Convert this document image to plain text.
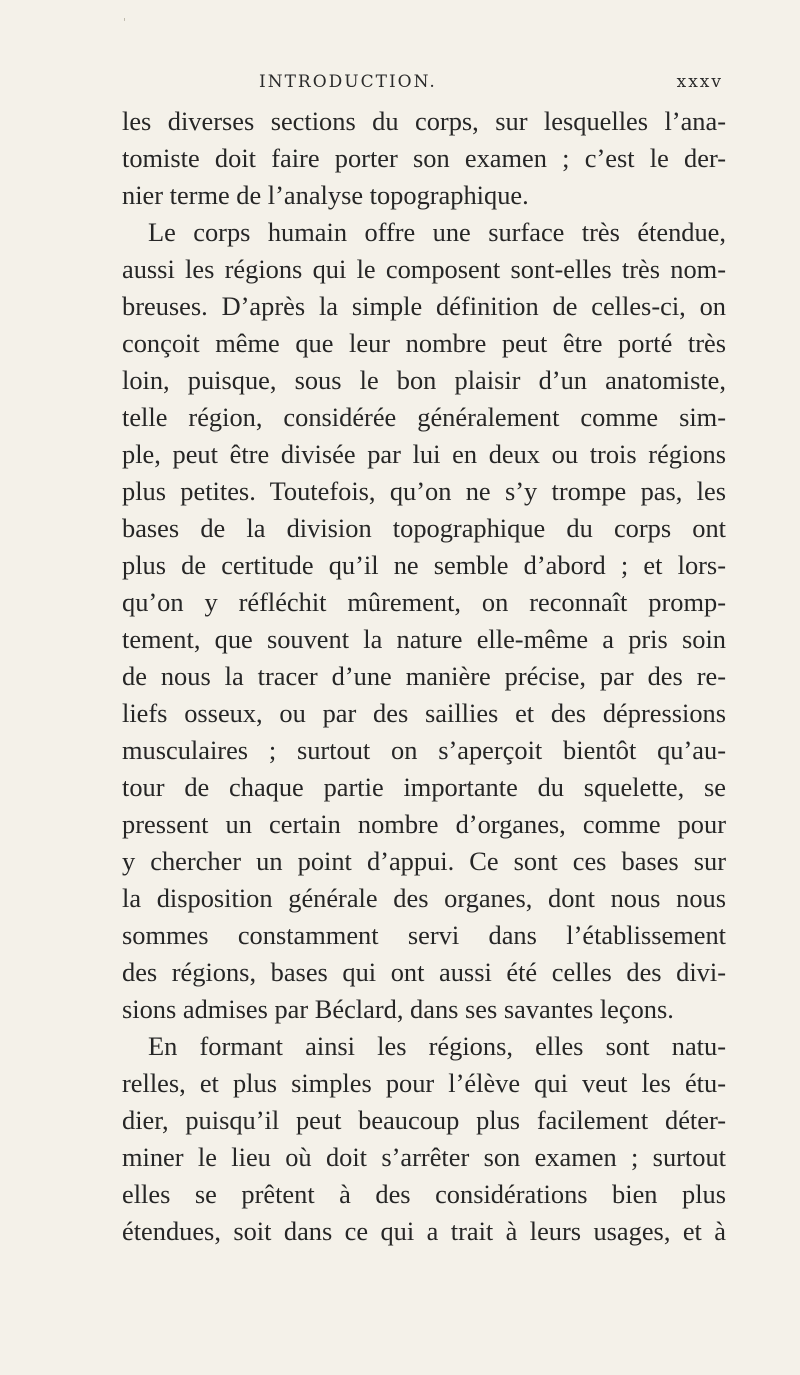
INTRODUCTION.	xxxv
les diverses sections du corps, sur lesquelles l’ana-
tomiste doit faire porter son examen ; c’est le der-
nier terme de l’analyse topographique.
Le corps humain offre une surface très étendue,
aussi les régions qui le composent sont-elles très nom-
breuses. D’après la simple définition de celles-ci, on
conçoit même que leur nombre peut être porté très
loin, puisque, sous le bon plaisir d’un anatomiste,
telle région, considérée généralement comme sim-
ple, peut être divisée par lui en deux ou trois régions
plus petites. Toutefois, qu’on ne s’y trompe pas, les
bases de la division topographique du corps ont
plus de certitude qu’il ne semble d’abord ; et lors-
qu’on y réfléchit mûrement, on reconnaît promp-
tement, que souvent la nature elle-même a pris soin
de nous la tracer d’une manière précise, par des re-
liefs osseux, ou par des saillies et des dépressions
musculaires ; surtout on s’aperçoit bientôt qu’au-
tour de chaque partie importante du squelette, se
pressent un certain nombre d’organes, comme pour
y chercher un point d’appui. Ce sont ces bases sur
la disposition générale des organes, dont nous nous
sommes constamment servi dans l’établissement
des régions, bases qui ont aussi été celles des divi-
sions admises par Béclard, dans ses savantes leçons.
En formant ainsi les régions, elles sont natu-
relles, et plus simples pour l’élève qui veut les étu-
dier, puisqu’il peut beaucoup plus facilement déter-
miner le lieu où doit s’arrêter son examen ; surtout
elles se prêtent à des considérations bien plus
étendues, soit dans ce qui a trait à leurs usages, et à
'
